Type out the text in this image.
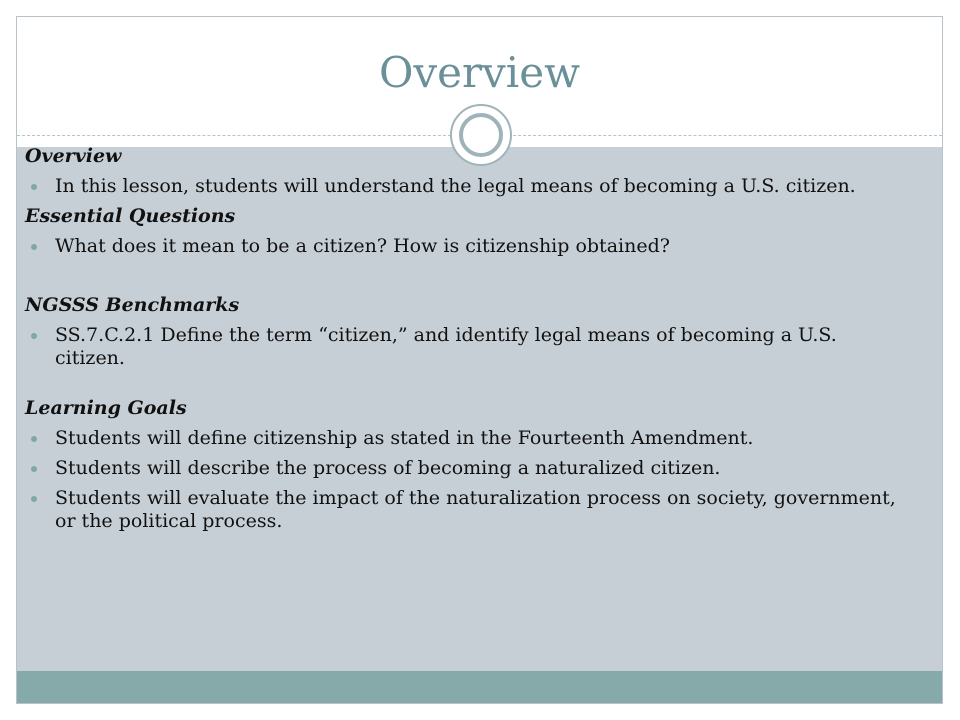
Overview

Overview

In this lesson, students will understand the legal means of becoming a U.S. citizen.

Essential Questions

What does it mean to be a citizen? How is citizenship obtained?

NGSSS Benchmarks

SS.7.C.2.1 Define the term “citizen,” and identify legal means of becoming a U.S. citizen.

Learning Goals

Students will define citizenship as stated in the Fourteenth Amendment.
Students will describe the process of becoming a naturalized citizen.
Students will evaluate the impact of the naturalization process on society, government, or the political process.
